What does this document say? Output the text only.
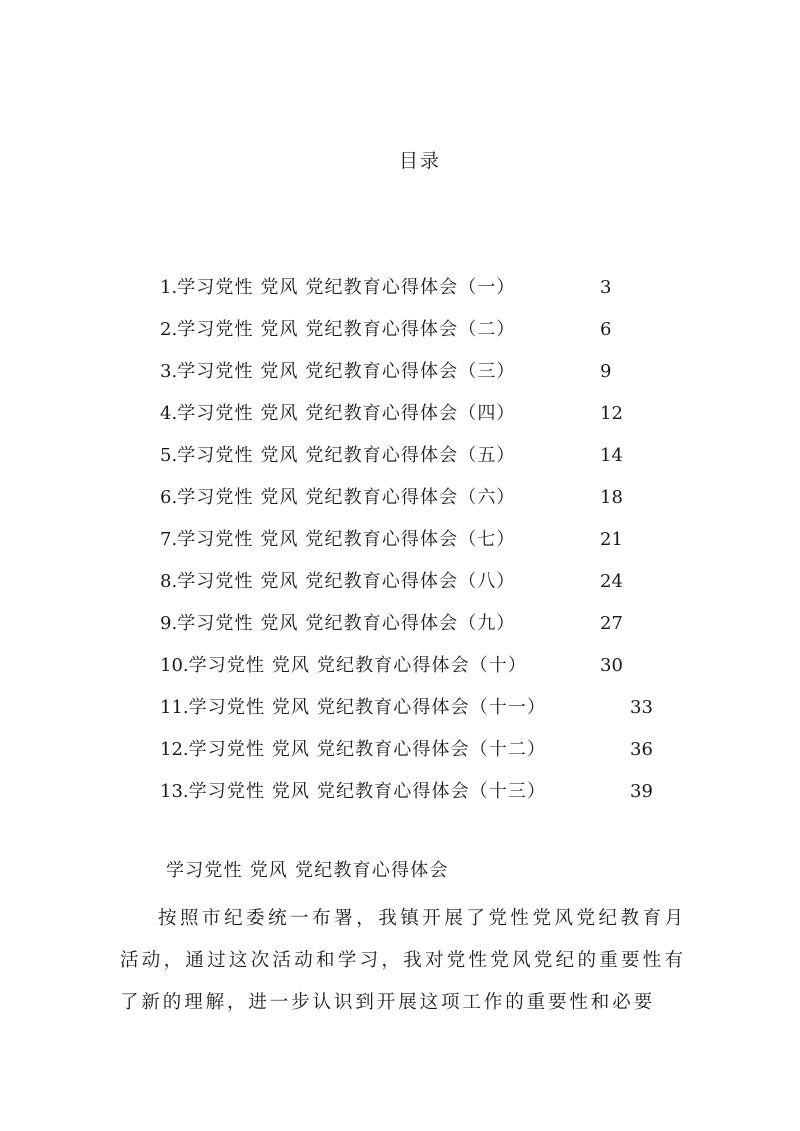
目录
1.学习党性 党风 党纪教育心得体会（一）	3
2.学习党性 党风 党纪教育心得体会（二）	6
3.学习党性 党风 党纪教育心得体会（三）	9
4.学习党性 党风 党纪教育心得体会（四）	12
5.学习党性 党风 党纪教育心得体会（五）	14
6.学习党性 党风 党纪教育心得体会（六）	18
7.学习党性 党风 党纪教育心得体会（七）	21
8.学习党性 党风 党纪教育心得体会（八）	24
9.学习党性 党风 党纪教育心得体会（九）	27
10.学习党性 党风 党纪教育心得体会（十）	30
11.学习党性 党风 党纪教育心得体会（十一）	33
12.学习党性 党风 党纪教育心得体会（十二）	36
13.学习党性 党风 党纪教育心得体会（十三）	39
学习党性 党风 党纪教育心得体会

按照市纪委统一布署，我镇开展了党性党风党纪教育月活动，通过这次活动和学习，我对党性党风党纪的重要性有了新的理解，进一步认识到开展这项工作的重要性和必要
